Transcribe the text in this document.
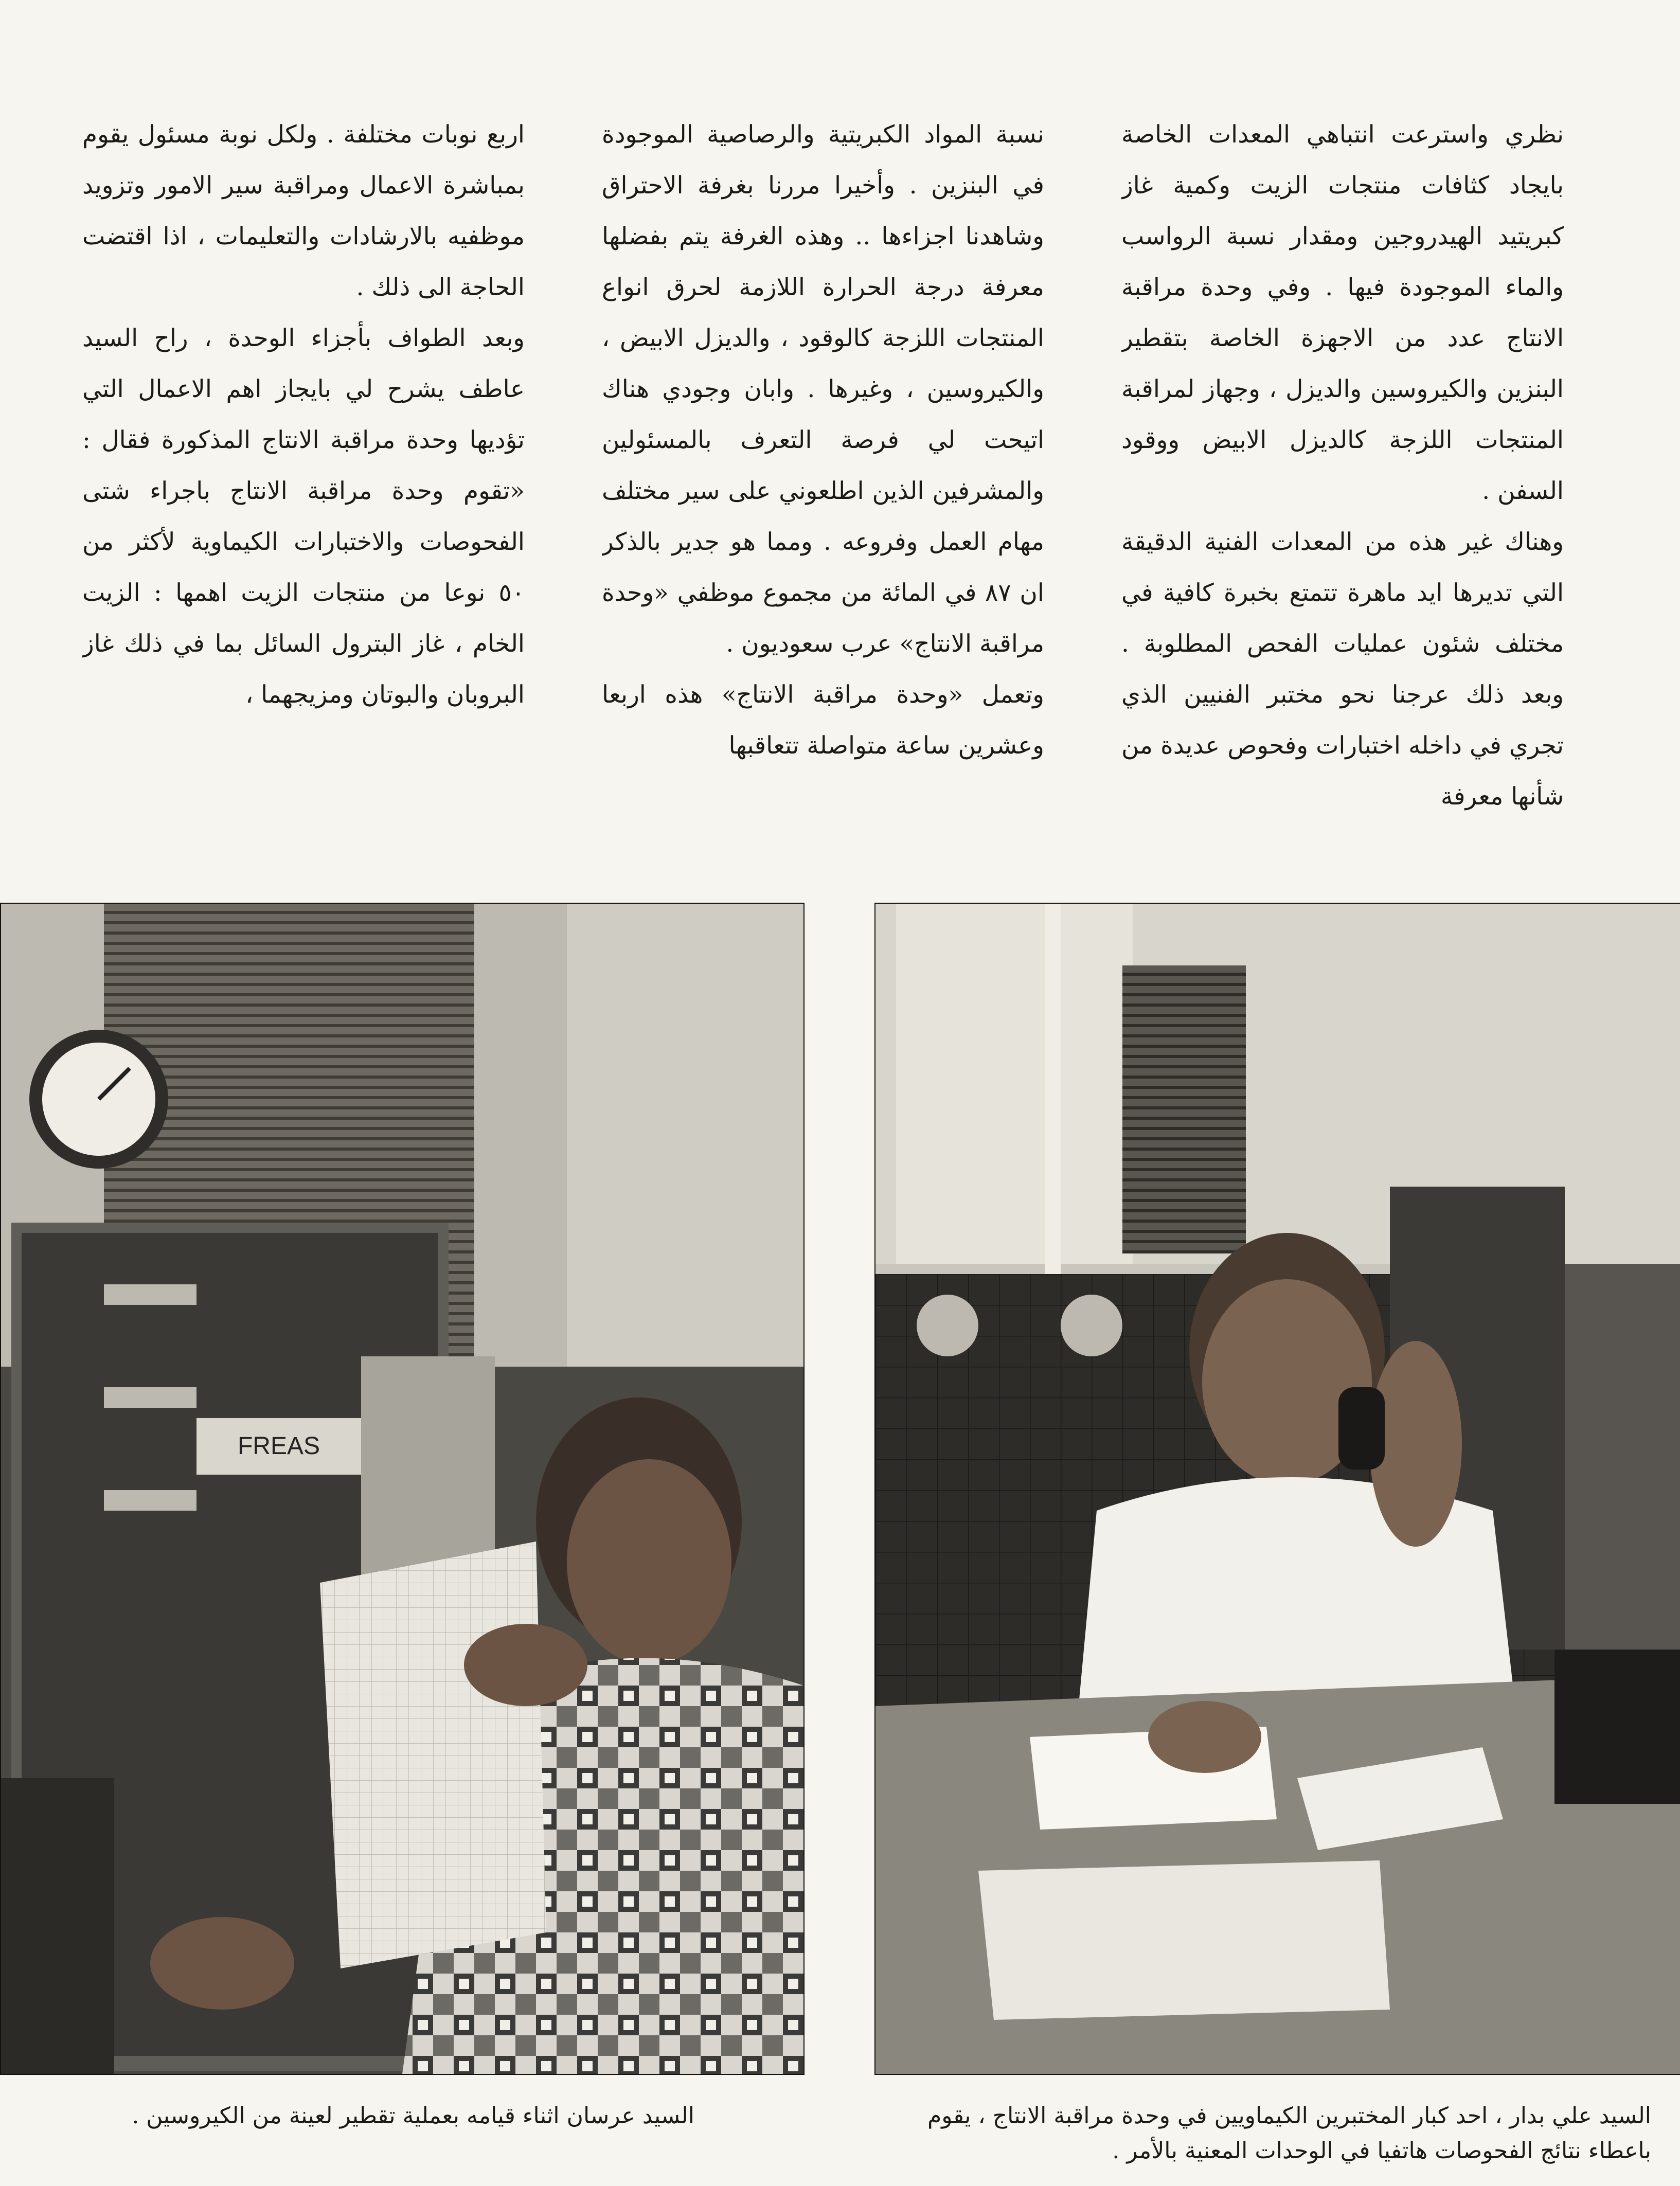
نظري واسترعت انتباهي المعدات الخاصة بايجاد كثافات منتجات الزيت وكمية غاز كبريتيد الهيدروجين ومقدار نسبة الرواسب والماء الموجودة فيها . وفي وحدة مراقبة الانتاج عدد من الاجهزة الخاصة بتقطير البنزين والكيروسين والديزل ، وجهاز لمراقبة المنتجات اللزجة كالديزل الابيض ووقود السفن .

وهناك غير هذه من المعدات الفنية الدقيقة التي تديرها ايد ماهرة تتمتع بخبرة كافية في مختلف شئون عمليات الفحص المطلوبة . وبعد ذلك عرجنا نحو مختبر الفنيين الذي تجري في داخله اختبارات وفحوص عديدة من شأنها معرفة

نسبة المواد الكبريتية والرصاصية الموجودة في البنزين . وأخيرا مررنا بغرفة الاحتراق وشاهدنا اجزاءها .. وهذه الغرفة يتم بفضلها معرفة درجة الحرارة اللازمة لحرق انواع المنتجات اللزجة كالوقود ، والديزل الابيض ، والكيروسين ، وغيرها . وابان وجودي هناك اتيحت لي فرصة التعرف بالمسئولين والمشرفين الذين اطلعوني على سير مختلف مهام العمل وفروعه . ومما هو جدير بالذكر ان ٨٧ في المائة من مجموع موظفي «وحدة مراقبة الانتاج» عرب سعوديون .

وتعمل «وحدة مراقبة الانتاج» هذه اربعا وعشرين ساعة متواصلة تتعاقبها

اربع نوبات مختلفة . ولكل نوبة مسئول يقوم بمباشرة الاعمال ومراقبة سير الامور وتزويد موظفيه بالارشادات والتعليمات ، اذا اقتضت الحاجة الى ذلك .

وبعد الطواف بأجزاء الوحدة ، راح السيد عاطف يشرح لي بايجاز اهم الاعمال التي تؤديها وحدة مراقبة الانتاج المذكورة فقال : «تقوم وحدة مراقبة الانتاج باجراء شتى الفحوصات والاختبارات الكيماوية لأكثر من ٥٠ نوعا من منتجات الزيت اهمها : الزيت الخام ، غاز البترول السائل بما في ذلك غاز البروبان والبوتان ومزيجهما ،

FREAS
السيد عرسان اثناء قيامه بعملية تقطير لعينة من الكيروسين .	السيد علي بدار ، احد كبار المختبرين الكيماويين في وحدة مراقبة الانتاج ، يقوم باعطاء نتائج الفحوصات هاتفيا في الوحدات المعنية بالأمر .
